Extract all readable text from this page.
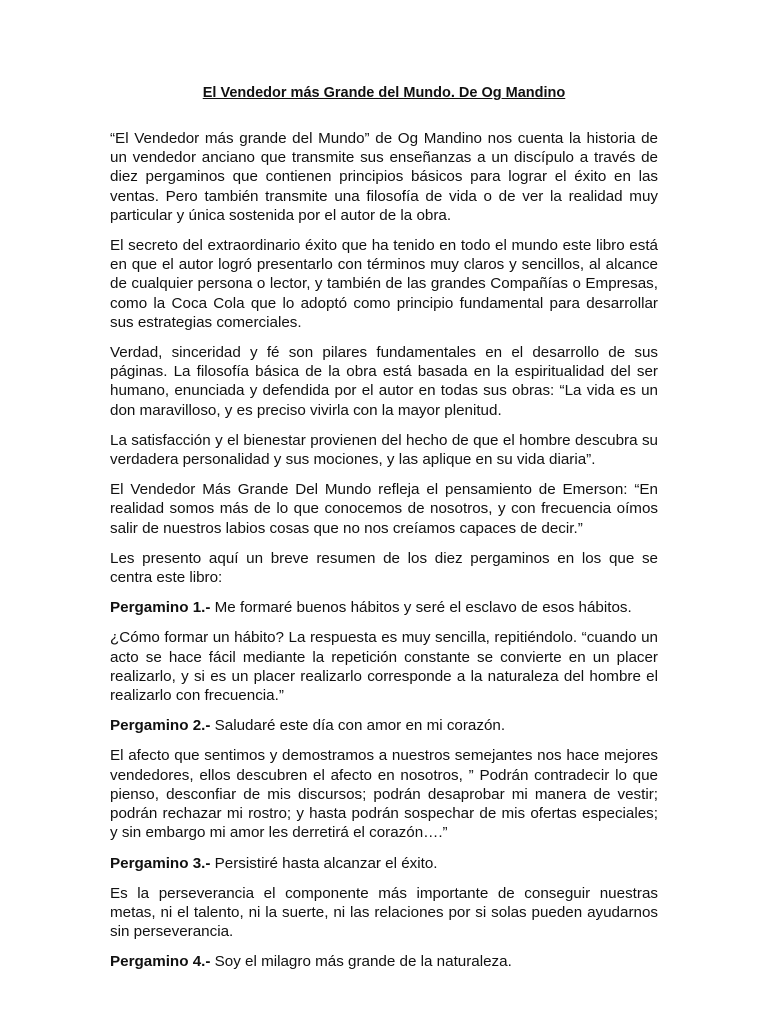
El Vendedor más Grande del Mundo. De Og Mandino

“El Vendedor más grande del Mundo” de Og Mandino nos cuenta la historia de un vendedor anciano que transmite sus enseñanzas a un discípulo a través de diez pergaminos que contienen principios básicos para lograr el éxito en las ventas. Pero también transmite una filosofía de vida o de ver la realidad muy particular y única sostenida por el autor de la obra.

El secreto del extraordinario éxito que ha tenido en todo el mundo este libro está en que el autor logró presentarlo con términos muy claros y sencillos, al alcance de cualquier persona o lector, y también de las grandes Compañías o Empresas, como la Coca Cola que lo adoptó como principio fundamental para desarrollar sus estrategias comerciales.

Verdad, sinceridad y fé son pilares fundamentales en el desarrollo de sus páginas. La filosofía básica de la obra está basada en la espiritualidad del ser humano, enunciada y defendida por el autor en todas sus obras: “La vida es un don maravilloso, y es preciso vivirla con la mayor plenitud.

La satisfacción y el bienestar provienen del hecho de que el hombre descubra su verdadera personalidad y sus mociones, y las aplique en su vida diaria”.

El Vendedor Más Grande Del Mundo refleja el pensamiento de Emerson: “En realidad somos más de lo que conocemos de nosotros, y con frecuencia oímos salir de nuestros labios cosas que no nos creíamos capaces de decir.”

Les presento aquí un breve resumen de los diez pergaminos en los que se centra este libro:

Pergamino 1.- Me formaré buenos hábitos y seré el esclavo de esos hábitos.

¿Cómo formar un hábito? La respuesta es muy sencilla, repitiéndolo. “cuando un acto se hace fácil mediante la repetición constante se convierte en un placer realizarlo, y si es un placer realizarlo corresponde a la naturaleza del hombre el realizarlo con frecuencia.”

Pergamino 2.- Saludaré este día con amor en mi corazón.

El afecto que sentimos y demostramos a nuestros semejantes nos hace mejores vendedores, ellos descubren el afecto en nosotros, ” Podrán contradecir lo que pienso, desconfiar de mis discursos; podrán desaprobar mi manera de vestir; podrán rechazar mi rostro; y hasta podrán sospechar de mis ofertas especiales; y sin embargo mi amor les derretirá el corazón….”

Pergamino 3.- Persistiré hasta alcanzar el éxito.

Es la perseverancia el componente más importante de conseguir nuestras metas, ni el talento, ni la suerte, ni las relaciones por si solas pueden ayudarnos sin perseverancia.

Pergamino 4.- Soy el milagro más grande de la naturaleza.
